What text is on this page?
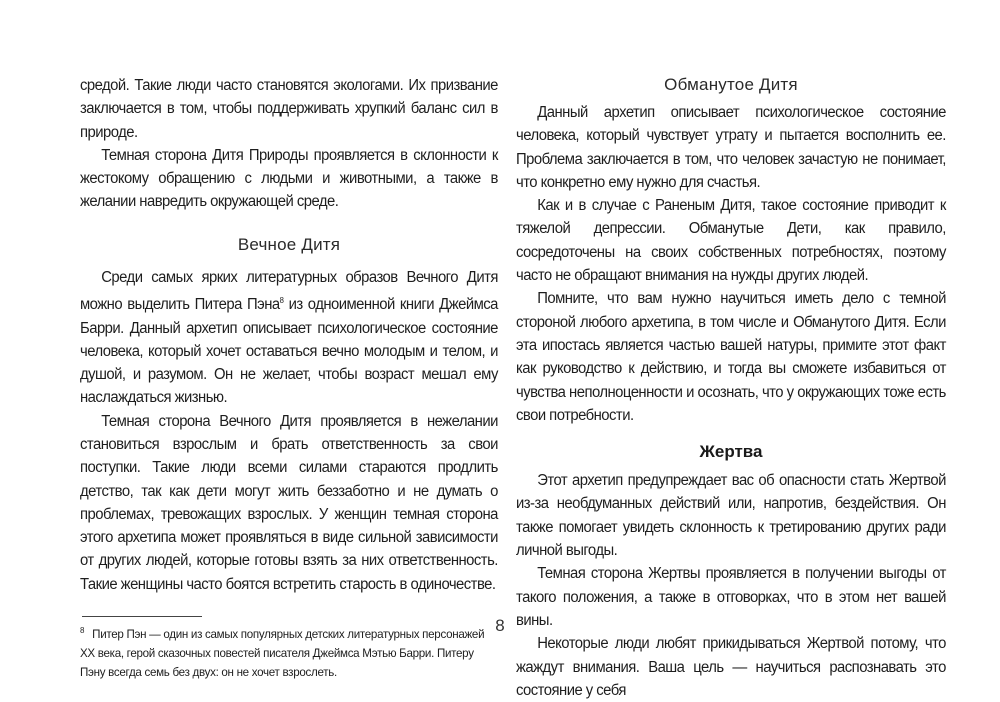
средой. Такие люди часто становятся экологами. Их призвание заключается в том, чтобы поддерживать хрупкий баланс сил в природе.

Темная сторона Дитя Природы проявляется в склонности к жестокому обращению с людьми и животными, а также в желании навредить окружающей среде.

Вечное Дитя

Среди самых ярких литературных образов Вечного Дитя можно выделить Питера Пэна$^8$ из одноименной книги Джеймса Барри. Данный архетип описывает психологическое состояние человека, который хочет оставаться вечно молодым и телом, и душой, и разумом. Он не желает, чтобы возраст мешал ему наслаждаться жизнью.

Темная сторона Вечного Дитя проявляется в нежелании становиться взрослым и брать ответственность за свои поступки. Такие люди всеми силами стараются продлить детство, так как дети могут жить беззаботно и не думать о проблемах, тревожащих взрослых. У женщин темная сторона этого архетипа может проявляться в виде сильной зависимости от других людей, которые готовы взять за них ответственность. Такие женщины часто боятся встретить старость в одиночестве.

$^8$ Питер Пэн — один из самых популярных детских литературных персонажей XX века, герой сказочных повестей писателя Джеймса Мэтью Барри. Питеру Пэну всегда семь без двух: он не хочет взрослеть.

Обманутое Дитя

Данный архетип описывает психологическое состояние человека, который чувствует утрату и пытается восполнить ее. Проблема заключается в том, что человек зачастую не понимает, что конкретно ему нужно для счастья.

Как и в случае с Раненым Дитя, такое состояние приводит к тяжелой депрессии. Обманутые Дети, как правило, сосредоточены на своих собственных потребностях, поэтому часто не обращают внимания на нужды других людей.

Помните, что вам нужно научиться иметь дело с темной стороной любого архетипа, в том числе и Обманутого Дитя. Если эта ипостась является частью вашей натуры, примите этот факт как руководство к действию, и тогда вы сможете избавиться от чувства неполноценности и осознать, что у окружающих тоже есть свои потребности.

Жертва

Этот архетип предупреждает вас об опасности стать Жертвой из-за необдуманных действий или, напротив, бездействия. Он также помогает увидеть склонность к третированию других ради личной выгоды.

Темная сторона Жертвы проявляется в получении выгоды от такого положения, а также в отговорках, что в этом нет вашей вины.

Некоторые люди любят прикидываться Жертвой потому, что жаждут внимания. Ваша цель — научиться распознавать это состояние у себя

8
